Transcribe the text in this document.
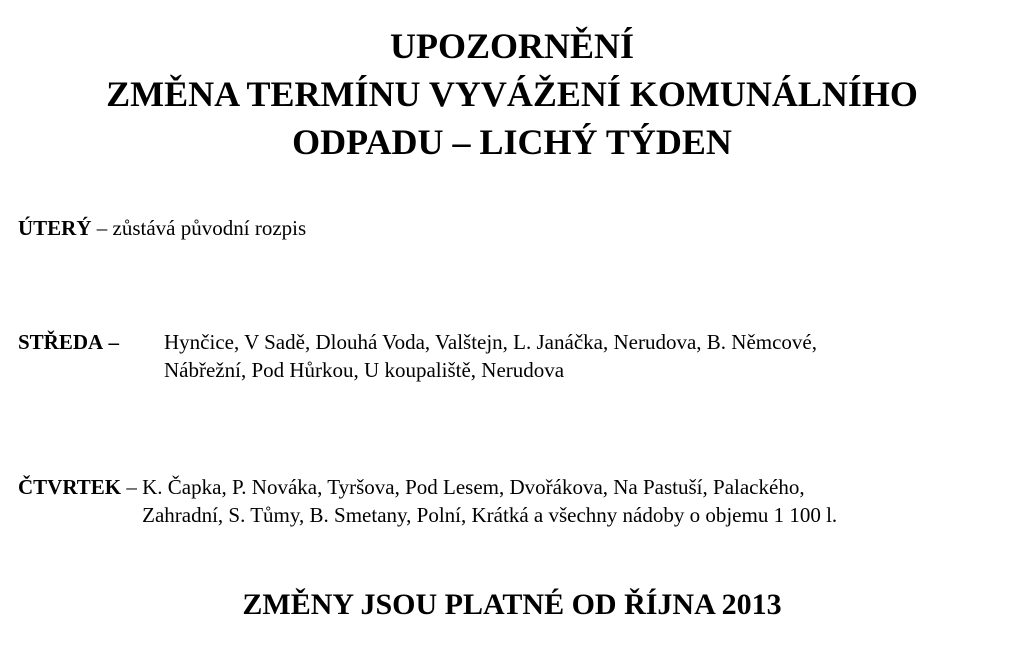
UPOZORNĚNÍ
ZMĚNA TERMÍNU VYVÁŽENÍ KOMUNÁLNÍHO
ODPADU – LICHÝ TÝDEN
ÚTERÝ – zůstává původní rozpis
STŘEDA –	Hynčice, V Sadě, Dlouhá Voda, Valštejn, L. Janáčka, Nerudova, B. Němcové,
Nábřežní, Pod Hůrkou, U koupaliště, Nerudova
ČTVRTEK – K. Čapka, P. Nováka, Tyršova, Pod Lesem, Dvořákova, Na Pastuší, Palackého,
Zahradní, S. Tůmy, B. Smetany, Polní, Krátká a všechny nádoby o objemu 1 100 l.
ZMĚNY JSOU PLATNÉ OD ŘÍJNA 2013
